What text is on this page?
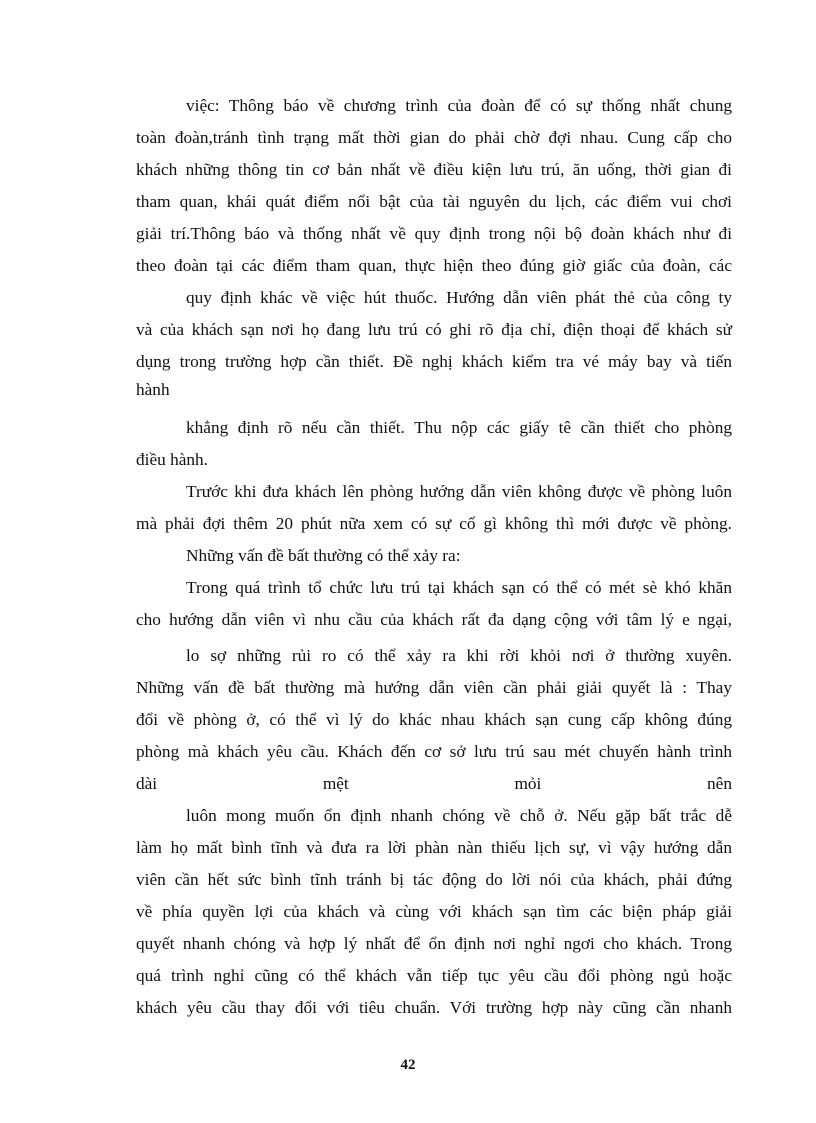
việc: Thông báo về chương trình của đoàn để có sự thống nhất chung
toàn đoàn,tránh tình trạng mất thời gian do phải chờ đợi nhau. Cung cấp cho
khách những thông tin cơ bản nhất về điều kiện lưu trú, ăn uống, thời gian đi
tham quan, khái quát điểm nổi bật của tài nguyên du lịch, các điểm vui chơi
giải trí.Thông báo và thống nhất về quy định trong nội bộ đoàn khách như đi
theo đoàn tại các điểm tham quan, thực hiện theo đúng giờ giấc của đoàn, các
quy định khác về việc hút thuốc. Hướng dẫn viên phát thẻ của công ty
và của khách sạn nơi họ đang lưu trú có ghi rõ địa chỉ, điện thoại để khách sử
dụng trong trường hợp cần thiết. Đề nghị khách kiểm tra vé máy bay và tiến
hành
khẳng định rõ nếu cần thiết. Thu nộp các giấy tê cần thiết cho phòng
điều hành.
Trước khi đưa khách lên phòng hướng dẫn viên không được về phòng luôn
mà phải đợi thêm 20 phút nữa xem có sự cố gì không thì mới được về phòng.
Những vấn đề bất thường có thể xảy ra:
Trong quá trình tổ chức lưu trú tại khách sạn có thể có mét sè khó khăn
cho hướng dẫn viên vì nhu cầu của khách rất đa dạng cộng với tâm lý e ngại,
lo sợ những rủi ro có thể xảy ra khi rời khỏi nơi ở thường xuyên.
Những vấn đề bất thường mà hướng dẫn viên cần phải giải quyết là : Thay
đổi về phòng ở, có thể vì lý do khác nhau khách sạn cung cấp không đúng
phòng mà khách yêu cầu. Khách đến cơ sở lưu trú sau mét chuyến hành trình
dài mệt mỏi nên
luôn mong muốn ổn định nhanh chóng về chỗ ở. Nếu gặp bất trắc dễ
làm họ mất bình tĩnh và đưa ra lời phàn nàn thiếu lịch sự, vì vậy hướng dẫn
viên cần hết sức bình tĩnh tránh bị tác động do lời nói của khách, phải đứng
về phía quyền lợi của khách và cùng với khách sạn tìm các biện pháp giải
quyết nhanh chóng và hợp lý nhất để ổn định nơi nghỉ ngơi cho khách. Trong
quá trình nghỉ cũng có thể khách vẫn tiếp tục yêu cầu đổi phòng ngủ hoặc
khách yêu cầu thay đổi với tiêu chuẩn. Với trường hợp này cũng cần nhanh
42
